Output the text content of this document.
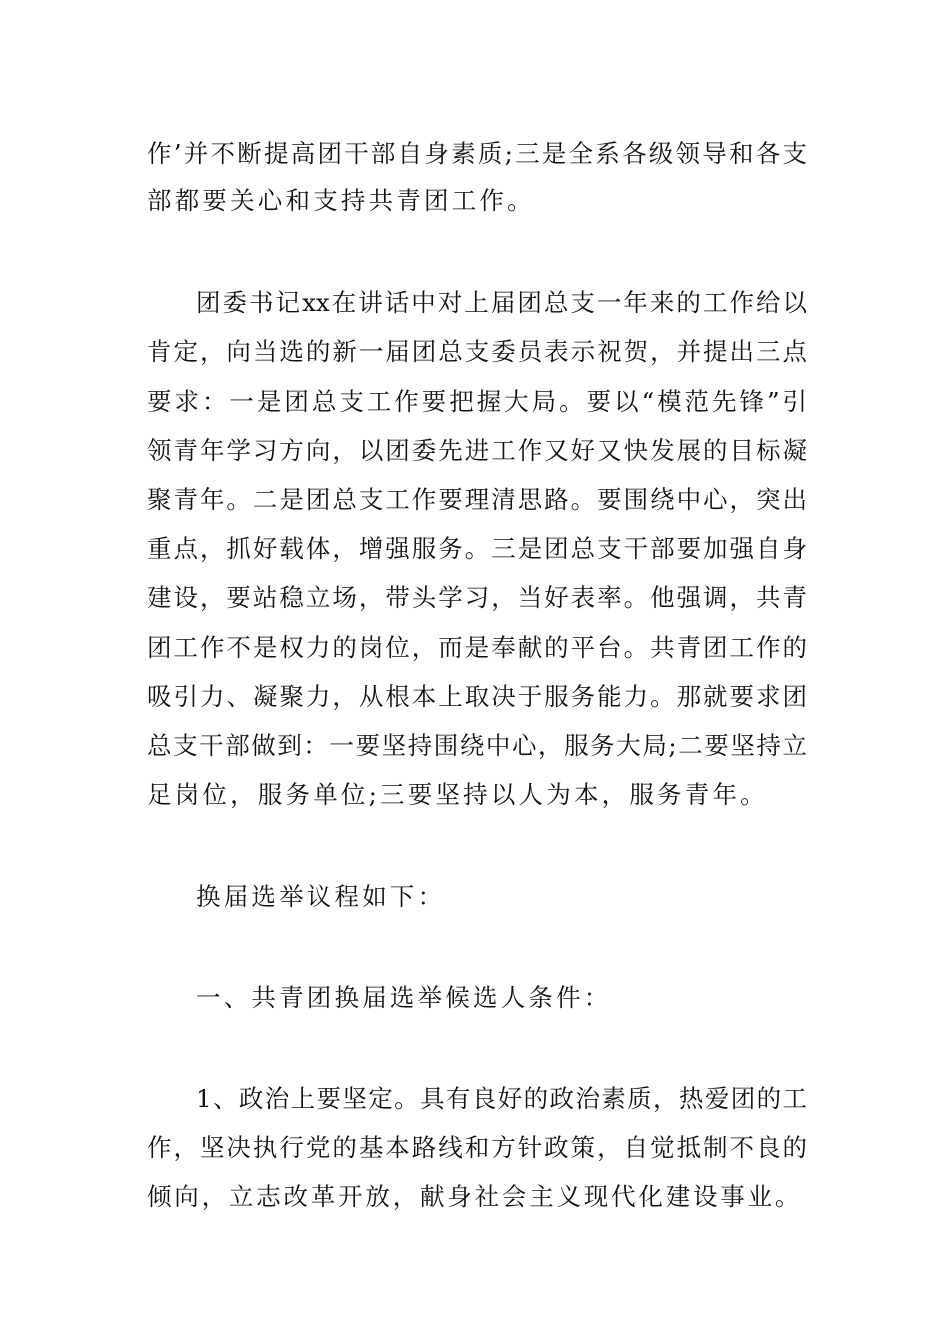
作’并不断提高团干部自身素质;三是全系各级领导和各支
部都要关心和支持共青团工作。
团委书记xx在讲话中对上届团总支一年来的工作给以
肯定，向当选的新一届团总支委员表示祝贺，并提出三点
要求：一是团总支工作要把握大局。要以“模范先锋”引
领青年学习方向，以团委先进工作又好又快发展的目标凝
聚青年。二是团总支工作要理清思路。要围绕中心，突出
重点，抓好载体，增强服务。三是团总支干部要加强自身
建设，要站稳立场，带头学习，当好表率。他强调，共青
团工作不是权力的岗位，而是奉献的平台。共青团工作的
吸引力、凝聚力，从根本上取决于服务能力。那就要求团
总支干部做到：一要坚持围绕中心，服务大局;二要坚持立
足岗位，服务单位;三要坚持以人为本，服务青年。
换届选举议程如下：
一、共青团换届选举候选人条件：
1、政治上要坚定。具有良好的政治素质，热爱团的工
作，坚决执行党的基本路线和方针政策，自觉抵制不良的
倾向，立志改革开放，献身社会主义现代化建设事业。
